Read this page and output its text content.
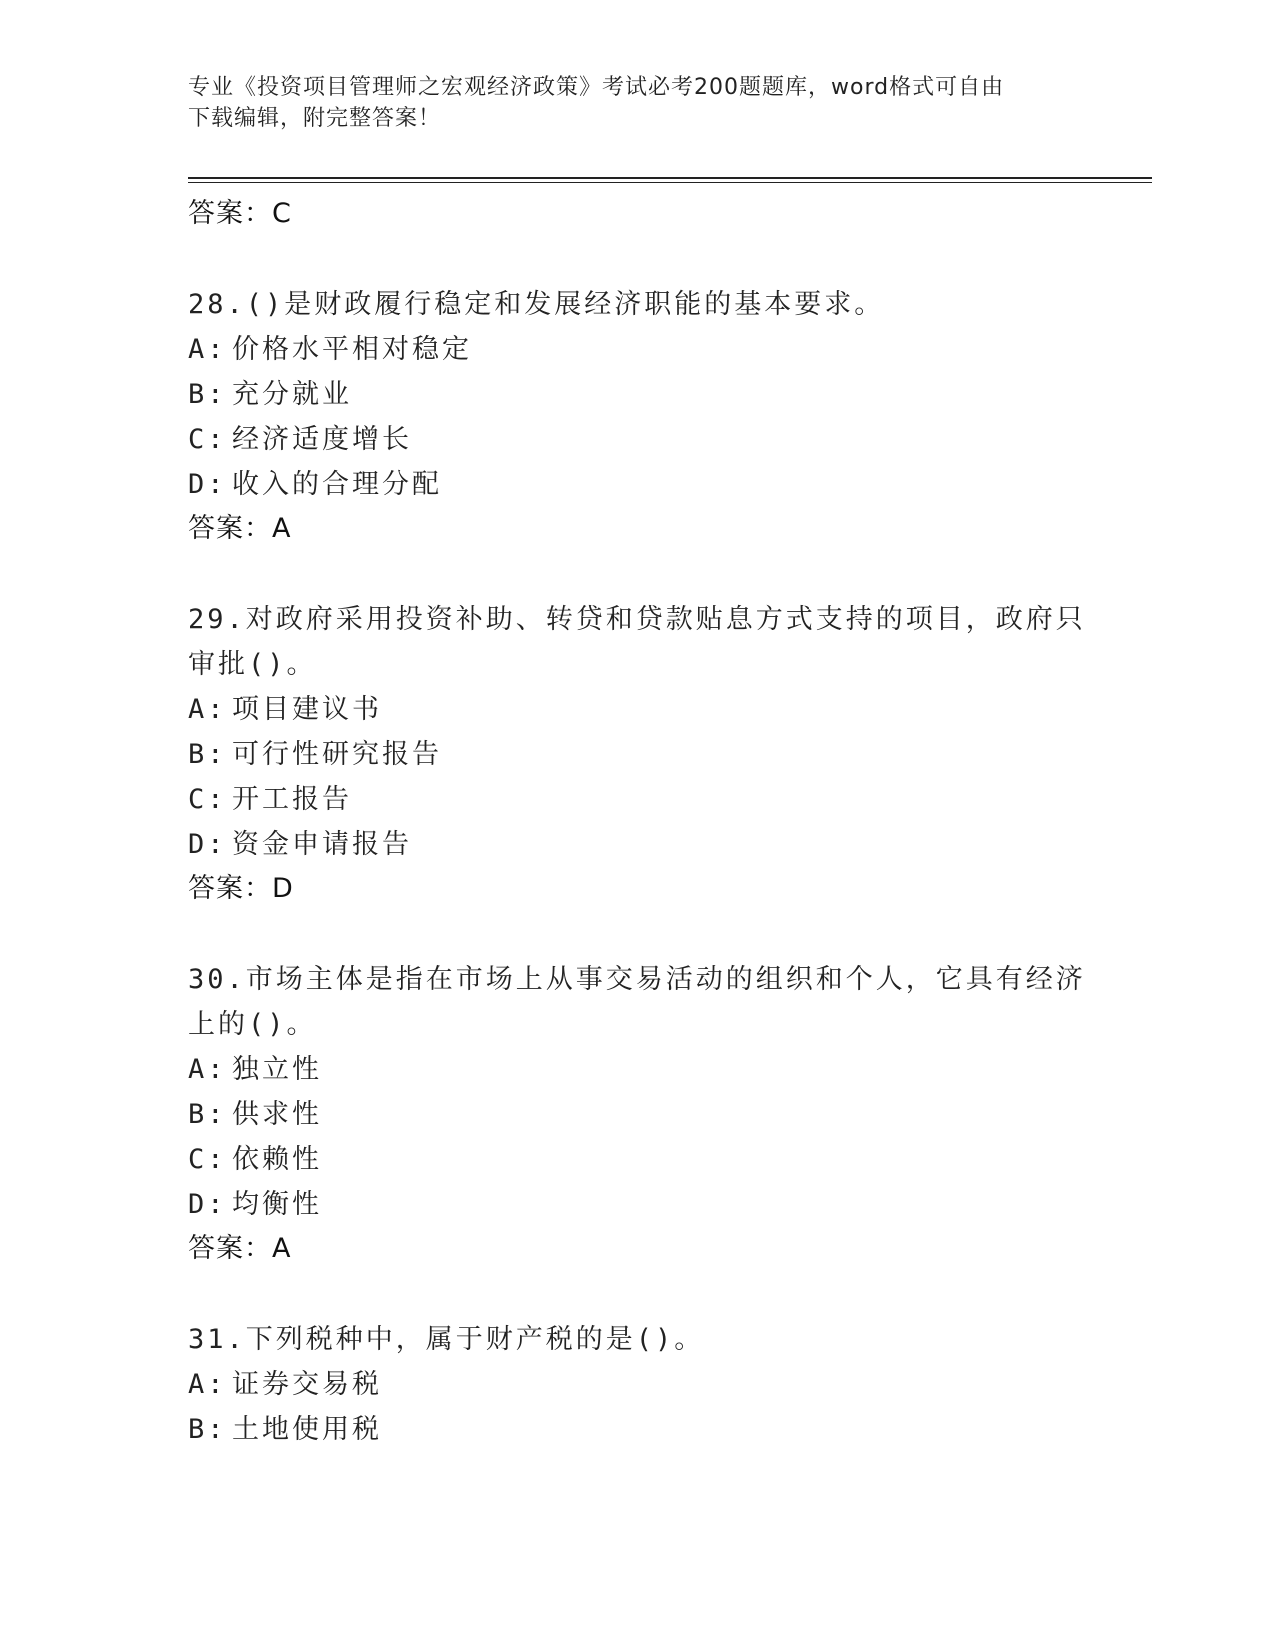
专业《投资项目管理师之宏观经济政策》考试必考200题题库，word格式可自由
下载编辑，附完整答案！
答案：C
28.()是财政履行稳定和发展经济职能的基本要求。
A: 价格水平相对稳定
B: 充分就业
C: 经济适度增长
D: 收入的合理分配
答案：A
29.对政府采用投资补助、转贷和贷款贴息方式支持的项目，政府只审批()。
A: 项目建议书
B: 可行性研究报告
C: 开工报告
D: 资金申请报告
答案：D
30.市场主体是指在市场上从事交易活动的组织和个人，它具有经济上的()。
A: 独立性
B: 供求性
C: 依赖性
D: 均衡性
答案：A
31.下列税种中，属于财产税的是()。
A: 证券交易税
B: 土地使用税
